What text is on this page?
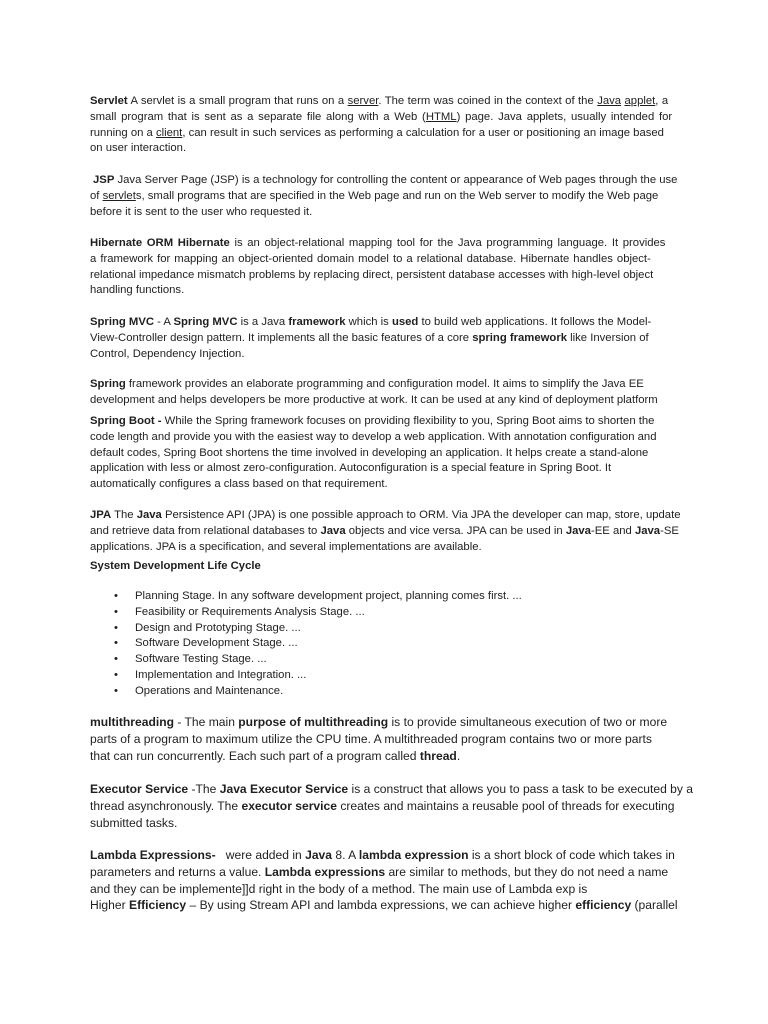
Servlet A servlet is a small program that runs on a server. The term was coined in the context of the Java applet, a
small program that is sent as a separate file along with a Web (HTML) page. Java applets, usually intended for
running on a client, can result in such services as performing a calculation for a user or positioning an image based
on user interaction.
JSP Java Server Page (JSP) is a technology for controlling the content or appearance of Web pages through the use
of servlets, small programs that are specified in the Web page and run on the Web server to modify the Web page
before it is sent to the user who requested it.
Hibernate ORM Hibernate is an object-relational mapping tool for the Java programming language. It provides
a framework for mapping an object-oriented domain model to a relational database. Hibernate handles object-
relational impedance mismatch problems by replacing direct, persistent database accesses with high-level object
handling functions.
Spring MVC - A Spring MVC is a Java framework which is used to build web applications. It follows the Model-
View-Controller design pattern. It implements all the basic features of a core spring framework like Inversion of
Control, Dependency Injection.
Spring framework provides an elaborate programming and configuration model. It aims to simplify the Java EE
development and helps developers be more productive at work. It can be used at any kind of deployment platform
Spring Boot - While the Spring framework focuses on providing flexibility to you, Spring Boot aims to shorten the
code length and provide you with the easiest way to develop a web application. With annotation configuration and
default codes, Spring Boot shortens the time involved in developing an application. It helps create a stand-alone
application with less or almost zero-configuration. Autoconfiguration is a special feature in Spring Boot. It
automatically configures a class based on that requirement.
JPA The Java Persistence API (JPA) is one possible approach to ORM. Via JPA the developer can map, store, update
and retrieve data from relational databases to Java objects and vice versa. JPA can be used in Java-EE and Java-SE
applications. JPA is a specification, and several implementations are available.
System Development Life Cycle
• Planning Stage. In any software development project, planning comes first. ...
• Feasibility or Requirements Analysis Stage. ...
• Design and Prototyping Stage. ...
• Software Development Stage. ...
• Software Testing Stage. ...
• Implementation and Integration. ...
• Operations and Maintenance.
multithreading - The main purpose of multithreading is to provide simultaneous execution of two or more
parts of a program to maximum utilize the CPU time. A multithreaded program contains two or more parts
that can run concurrently. Each such part of a program called thread.
Executor Service -The Java Executor Service is a construct that allows you to pass a task to be executed by a
thread asynchronously. The executor service creates and maintains a reusable pool of threads for executing
submitted tasks.
Lambda Expressions-   were added in Java 8. A lambda expression is a short block of code which takes in
parameters and returns a value. Lambda expressions are similar to methods, but they do not need a name
and they can be implemente]]d right in the body of a method. The main use of Lambda exp is
Higher Efficiency – By using Stream API and lambda expressions, we can achieve higher efficiency (parallel
